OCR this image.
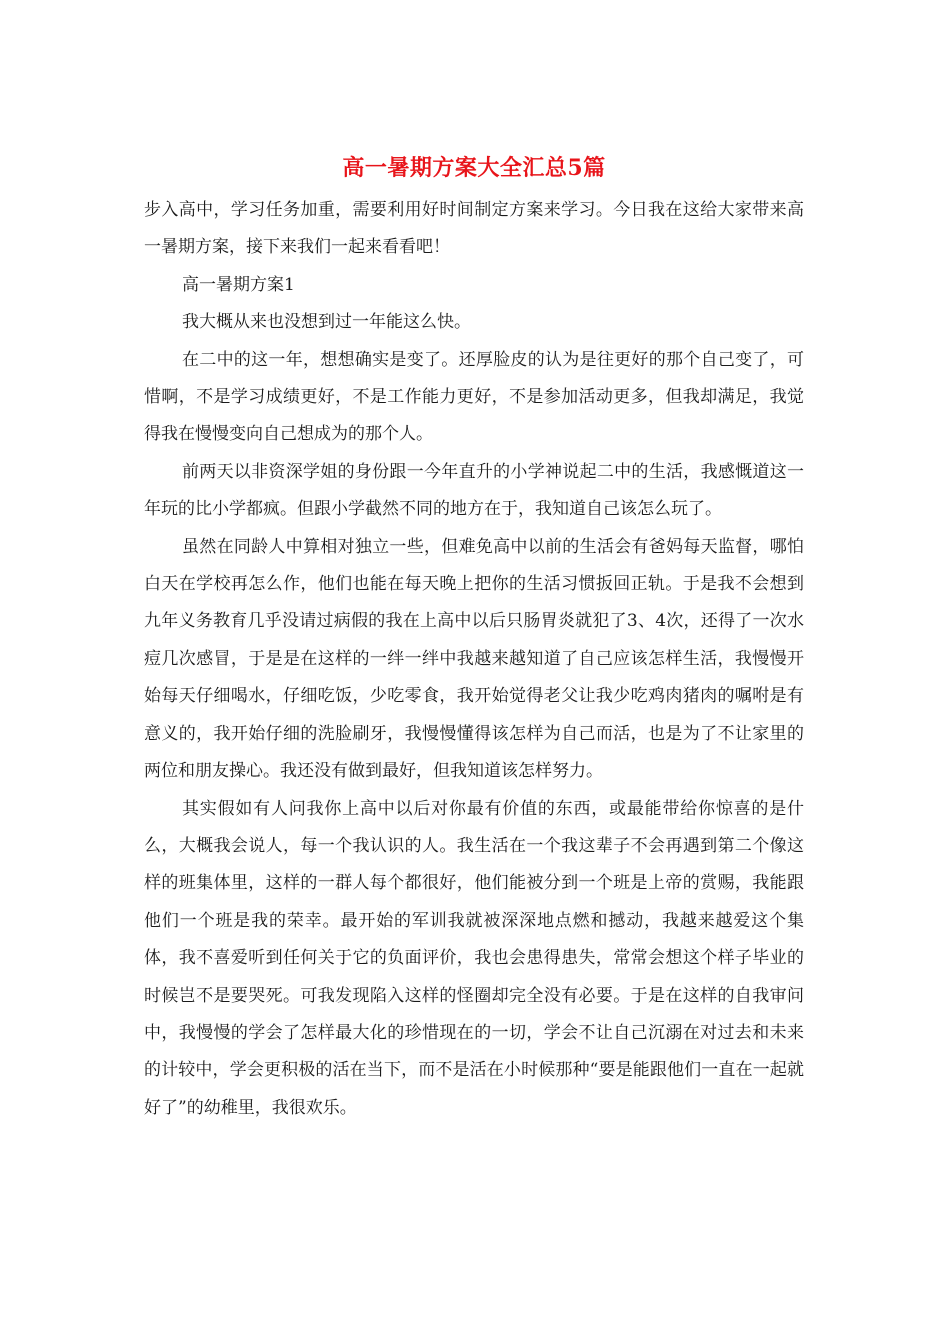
高一暑期方案大全汇总5篇

步入高中，学习任务加重，需要利用好时间制定方案来学习。今日我在这给大家带来高一暑期方案，接下来我们一起来看看吧！

高一暑期方案1

我大概从来也没想到过一年能这么快。

在二中的这一年，想想确实是变了。还厚脸皮的认为是往更好的那个自己变了，可惜啊，不是学习成绩更好，不是工作能力更好，不是参加活动更多，但我却满足，我觉得我在慢慢变向自己想成为的那个人。

前两天以非资深学姐的身份跟一今年直升的小学神说起二中的生活，我感慨道这一年玩的比小学都疯。但跟小学截然不同的地方在于，我知道自己该怎么玩了。

虽然在同龄人中算相对独立一些，但难免高中以前的生活会有爸妈每天监督，哪怕白天在学校再怎么作，他们也能在每天晚上把你的生活习惯扳回正轨。于是我不会想到九年义务教育几乎没请过病假的我在上高中以后只肠胃炎就犯了3、4次，还得了一次水痘几次感冒，于是是在这样的一绊一绊中我越来越知道了自己应该怎样生活，我慢慢开始每天仔细喝水，仔细吃饭，少吃零食，我开始觉得老父让我少吃鸡肉猪肉的嘱咐是有意义的，我开始仔细的洗脸刷牙，我慢慢懂得该怎样为自己而活，也是为了不让家里的两位和朋友操心。我还没有做到最好，但我知道该怎样努力。

其实假如有人问我你上高中以后对你最有价值的东西，或最能带给你惊喜的是什么，大概我会说人，每一个我认识的人。我生活在一个我这辈子不会再遇到第二个像这样的班集体里，这样的一群人每个都很好，他们能被分到一个班是上帝的赏赐，我能跟他们一个班是我的荣幸。最开始的军训我就被深深地点燃和撼动，我越来越爱这个集体，我不喜爱听到任何关于它的负面评价，我也会患得患失，常常会想这个样子毕业的时候岂不是要哭死。可我发现陷入这样的怪圈却完全没有必要。于是在这样的自我审问中，我慢慢的学会了怎样最大化的珍惜现在的一切，学会不让自己沉溺在对过去和未来的计较中，学会更积极的活在当下，而不是活在小时候那种“要是能跟他们一直在一起就好了”的幼稚里，我很欢乐。
